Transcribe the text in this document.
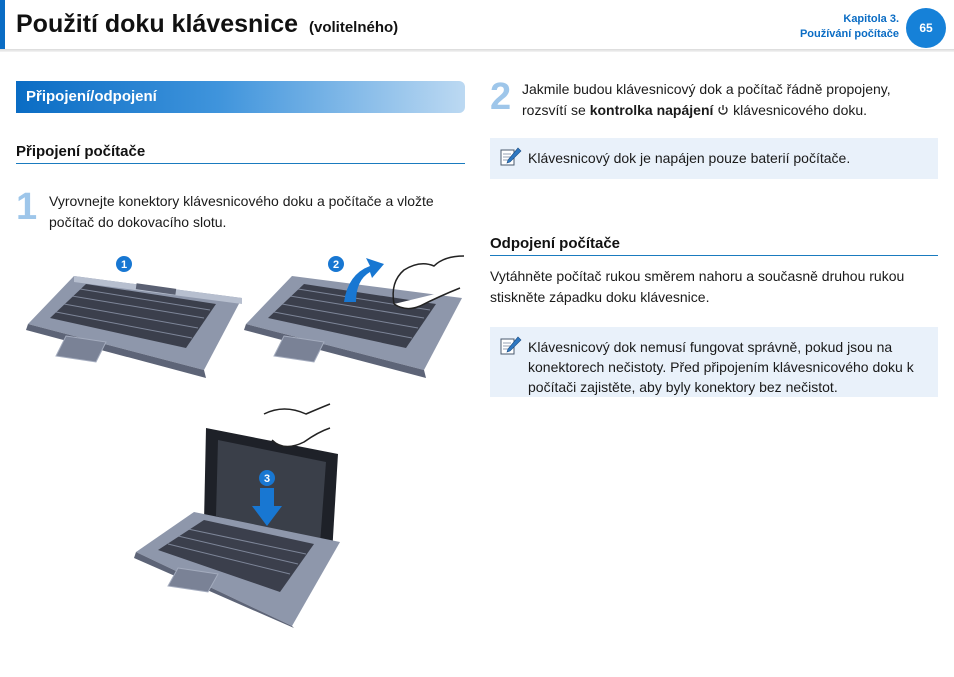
Použití doku klávesnice (volitelného)	Kapitola 3.
Používání počítače	65
Připojení/odpojení
Připojení počítače
1 Vyrovnejte konektory klávesnicového doku a počítače a vložte počítač do dokovacího slotu.
1	2
3
2 Jakmile budou klávesnicový dok a počítač řádně propojeny, rozsvítí se kontrolka napájení  klávesnicového doku.
Klávesnicový dok je napájen pouze baterií počítače.
Odpojení počítače
Vytáhněte počítač rukou směrem nahoru a současně druhou rukou stiskněte západku doku klávesnice.
Klávesnicový dok nemusí fungovat správně, pokud jsou na konektorech nečistoty. Před připojením klávesnicového doku k počítači zajistěte, aby byly konektory bez nečistot.
